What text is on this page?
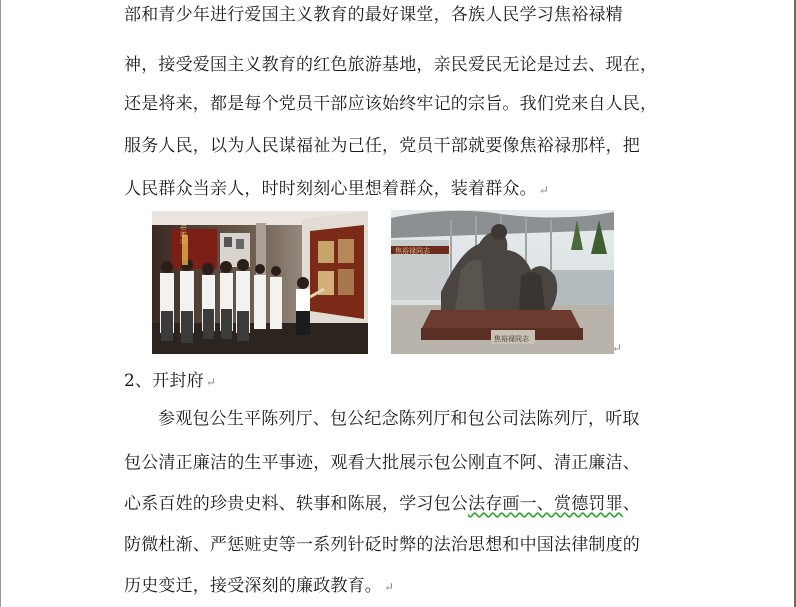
部和青少年进行爱国主义教育的最好课堂，各族人民学习焦裕禄精
神，接受爱国主义教育的红色旅游基地，亲民爱民无论是过去、现在，
还是将来，都是每个党员干部应该始终牢记的宗旨。我们党来自人民，
服务人民，以为人民谋福祉为己任，党员干部就要像焦裕禄那样，把
人民群众当亲人，时时刻刻心里想着群众，装着群众。 ↵
兰州市
焦裕禄同志
焦裕禄同志
↵
2、开封府 ↵
参观包公生平陈列厅、包公纪念陈列厅和包公司法陈列厅，听取
包公清正廉洁的生平事迹，观看大批展示包公刚直不阿、清正廉洁、
心系百姓的珍贵史料、轶事和陈展，学习包公法存画一、赏德罚罪、
防微杜渐、严惩赃吏等一系列针砭时弊的法治思想和中国法律制度的
历史变迁，接受深刻的廉政教育。 ↵
